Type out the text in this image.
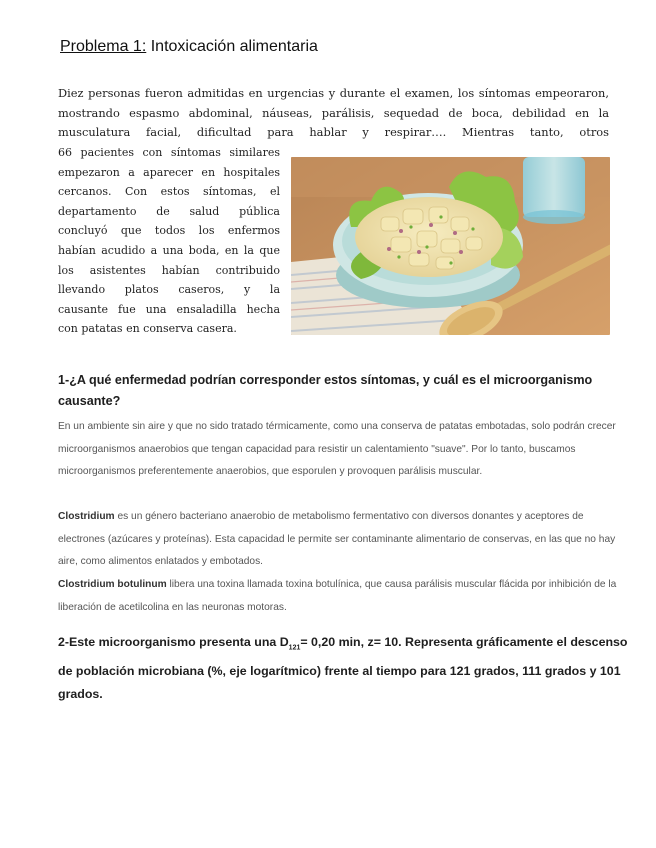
Problema 1: Intoxicación alimentaria
Diez personas fueron admitidas en urgencias y durante el examen, los síntomas empeoraron, mostrando espasmo abdominal, náuseas, parálisis, sequedad de boca, debilidad en la musculatura facial, dificultad para hablar y respirar…. Mientras tanto, otros
66 pacientes con síntomas similares
empezaron a aparecer en hospitales
cercanos. Con estos síntomas, el
departamento de salud pública
concluyó que todos los enfermos
habían acudido a una boda, en la que
los asistentes habían contribuido
llevando platos caseros, y la
causante fue una ensaladilla hecha
con patatas en conserva casera.
1-¿A qué enfermedad podrían corresponder estos síntomas, y cuál es el microorganismo causante?
En un ambiente sin aire y que no sido tratado térmicamente, como una conserva de patatas embotadas, solo podrán crecer microorganismos anaerobios que tengan capacidad para resistir un calentamiento "suave". Por lo tanto, buscamos microorganismos preferentemente anaerobios, que esporulen y provoquen parálisis muscular.
Clostridium es un género bacteriano anaerobio de metabolismo fermentativo con diversos donantes y aceptores de electrones (azúcares y proteínas). Esta capacidad le permite ser contaminante alimentario de conservas, en las que no hay aire, como alimentos enlatados y embotados.
Clostridium botulinum libera una toxina llamada toxina botulínica, que causa parálisis muscular flácida por inhibición de la liberación de acetilcolina en las neuronas motoras.
2-Este microorganismo presenta una $D_{121}= 0,20$ min, z= 10. Representa gráficamente el descenso de población microbiana (%, eje logarítmico) frente al tiempo para 121 grados, 111 grados y 101 grados.
